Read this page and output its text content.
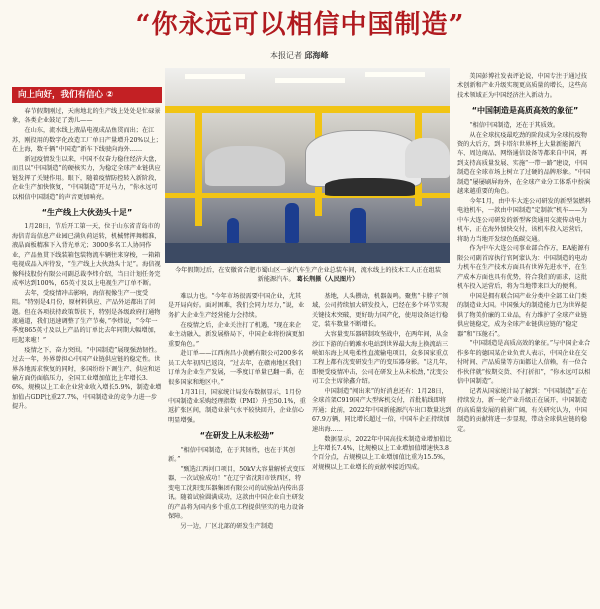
“你永远可以相信中国制造”
本报记者 邱海峰
向上向好，我们有信心 ②

春节假期刚过，天南地北的生产线上处处是忙碌景象，各类企业鼓足了劲儿——

在山东，流水线上液晶电视成品鱼贯而出；在江苏，刚投用的数字化改造工厂单日产量增升20%以上；在上海，数千辆“中国造”新车下线驶向海外……

新冠疫情发生以来，中国不仅奋力稳住经济大盘，而且以“中国制造”的硬核实力，为稳定全球产业链供应链发挥了关键作用。眼下，随着疫情防控转入新阶段，企业生产加快恢复，“中国制造”开足马力，“你永远可以相信中国制造”的声音更加响亮。

“生产线上大伙劲头十足”

1月28日，节后开工第一天，位于山东省青岛市的海信青岛信息产业园已满负荷运转，机械臂挥舞精准，液晶面板精准下入背光单元；3000多名工人协同作业，产品鱼贯下线装箱包装物流车辆往来穿梭，一箱箱电视成品入库待发，“生产线上大伙劲头十足”。海信视像科技股份有限公司副总裁李炜介绍，当日计划任务完成率达到100%，65英寸及以上电视生产订单不断。

去年，受疫情冲击影响，海信视像生产一度受阻。“特别是4月份，原材料供应、产品外运都出了问题。但在各项扶持政策帮扶下，特别是各级政府打通物流通道，我们迅速调整了生产节奏，”李炜说，“今年一季度865英寸及以上产品的订单比去年同期大幅增加，旺起来啦！”

疫情之下，奋力突围。“中国制造”展现强劲韧性。过去一年，外界曾担心中国产业链供应链的稳定性。世界各地需求恢复的同时，多国纷纷下调生产、供应和运输方面仍面临压力，全国工业增加值比上年增长3.6%，规模以上工业企业营业收入增长5.9%，制造业增加值占GDP比重27.7%，中国制造业的竞争力进一步提升。

今年假期过后，在安徽省合肥市蜀山区一家汽车生产企业总装车间，流水线上的技术工人正在组装新能源汽车。 葛长荆摄（人民图片）

难以力也。“今年市场很需要中国企业，尤其是开局向好。面对困难，我们会同力尽力，”说，业务扩大企业生产经营能力会持续。

在疫情之后，企业关注打了机遇，“现在来企业主动融入，新发展格局下，中国企业将扮演更加重要角色。”

赴订单——江西南昌小黄鹂有限公司200多名员工大年初四已返岗，“过去年，在赣南地区我们订单为企业生产发展，一季度订单量已翻一番，在很多国家和地区中。”

1月31日，国家统计局发布数据显示，1月份中国制造业采购经理指数（PMI）升至50.1%，重返扩张区间，制造业景气水平较快回升，企业信心明显增强。

“在研发上从未松劲”

“相信中国制造，在于其韧性，也在于其创新。”

“甄选江西河口项目，50kV大容量解析式变压器，一次试验成功！”在辽宁省沈阳市铁西区，特变电工沈阳变压器集团有限公司的试验站内传出喜讯。随着试验圆满成功，这款由中国企业自主研发的产品将为国内多个重点工程提供坚实的电力设备保障。

另一边，厂区北部的研发生产制造

基地，人头攒动，机器轰鸣。聚焦“卡脖子”领域，公司持续加大研发投入，已经在多个环节实现关键技术突破，更好助力国产化，使用设备运行稳定，装车数量不断增长。

大容量变压器研制攻坚战中，在两年间，从金沙江下游的白鹤滩水电站到世界最大海上换流站三峡如东海上风电柔性直流输电项目，众多国家重点工程上都有沈变研发生产的变压器身影。“这几年，即便受疫情冲击，公司在研发上从未松劲，”沈变公司工会主席徐鑫介绍。

中国制造“闯出来”的好消息还有：1月28日，全球首架C919国产大型客机交付，首批航线即将开通；此前，2022年中国新能源汽车出口数量达到67.9万辆，同比增长超过一倍，中国车企正持续加速出海……

数据显示，2022年中国高技术制造业增加值比上年增长7.4%，比规模以上工业增加值增速快3.8个百分点，占规模以上工业增加值比重为15.5%，对规模以上工业增长的贡献率接近四成。

美国彭博社发表评论说，中国专注于通过技术创新和产业升级实现更高质量的增长，这些高技术领域正为中国经济注入新动力。

“中国制造是高质高效的象征”

“相信中国制造，还在于其质效。

从在全球抗疫最吃劲的阶段成为全球抗疫物资的大后方，到卡塔尔世界杯上大量新能源汽车、周边商品、网络通信设备等都来自中国，再到支持高质量发展、实施“一带一路”建设，中国制造在全球市场上树立了过硬的品牌形象。“中国制造”屡屡刷屏海外，在全球产业分工体系中扮演越来越重要的角色。

今年1月，由中车大连公司研发的新型氢燃料电池机车，一款由中国制造“定制款”机车——为中车大连公司研发的新型客货通用交流传动电力机车，正在海外加快交付，该机车投入运营后，将助力当地开发绿色低碳交通。

作为中车大连公司事业部合作方，EA能源有限公司副首席执行官阿蒙认为：中国制造的电动力机车在生产技术方面具有世界先进水平，在生产成本方面也具有优势，符合我们的需求，这批机车投入运营后，将为当地带来巨大的便利。

中国是拥有联合国产业分类中全部工业门类的制造业大国。中国强大的制造能力已为世界提供了物美价廉的工业品，有力维护了全球产业链供应链稳定，成为全球产业链供应链的“稳定器”和“压舱石”。

“中国制造是高质高效的象征。”与中国企业合作多年的德国某企业负责人表示，中国企业在交付时间、产品质量等方面都让人信赖，有一位合作伙伴就“按期交货、不打折扣”，“你永远可以相信中国制造”。

记者从国家统计局了解到：“中国制造”正在持续发力，新一轮产业升级正在展开，中国制造的高质量发展的前景广阔，有关研究认为，中国制造的贡献将进一步显现，带动全球供应链的稳定。
